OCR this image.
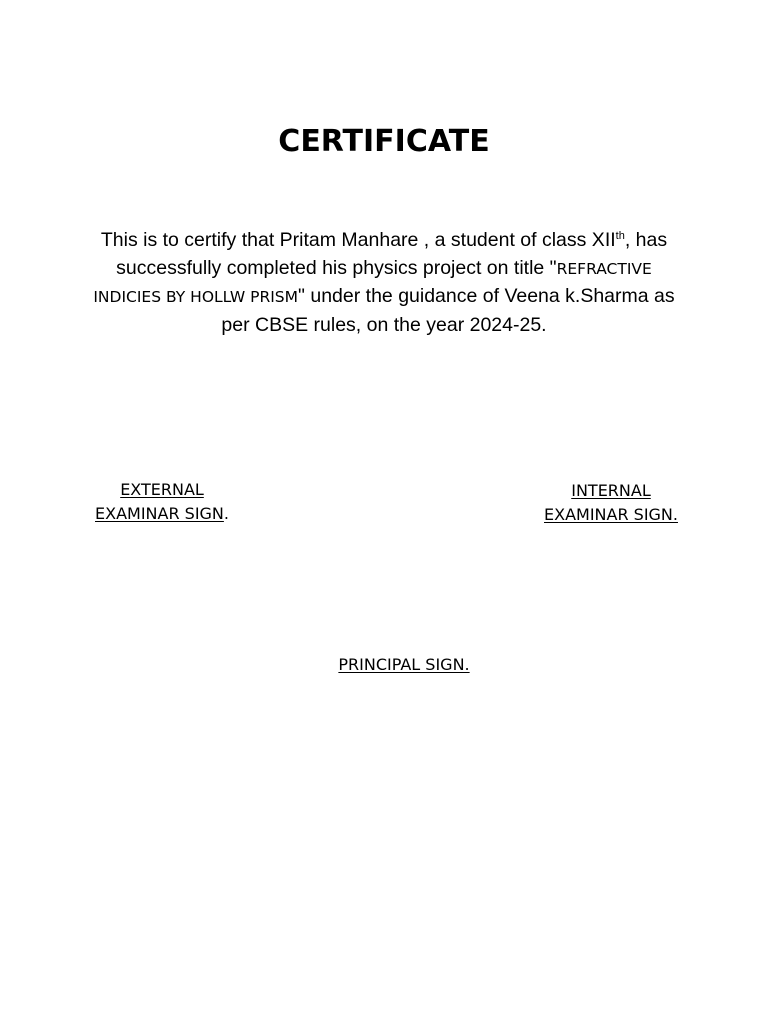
CERTIFICATE

This is to certify that Pritam Manhare , a student of class XIIth, has successfully completed his physics project on title "REFRACTIVE INDICIES BY HOLLW PRISM" under the guidance of Veena k.Sharma as per CBSE rules, on the year 2024-25.

EXTERNAL
EXAMINAR SIGN.
INTERNAL
EXAMINAR SIGN.
PRINCIPAL SIGN.
